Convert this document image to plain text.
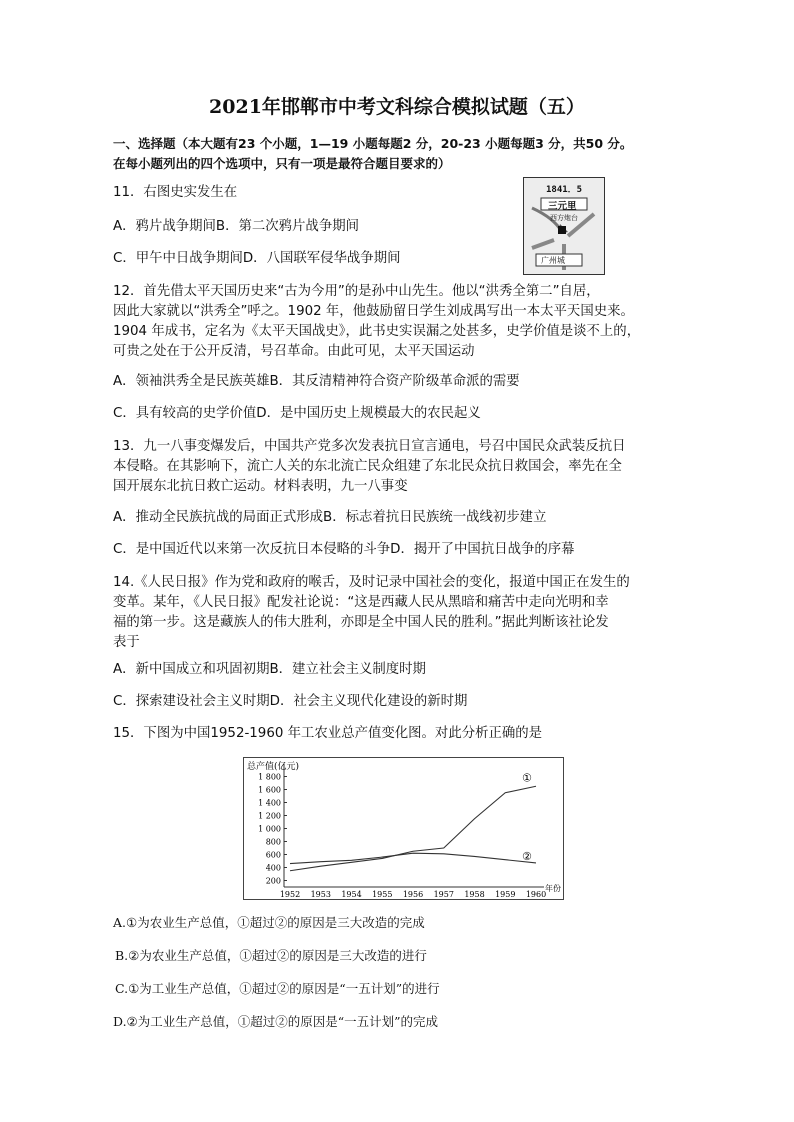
2021年邯郸市中考文科综合模拟试题（五）
一、选择题（本大题有23 个小题，1—19 小题每题2 分，20-23 小题每题3 分，共50 分。
在每小题列出的四个选项中，只有一项是最符合题目要求的）
11．右图史实发生在
A．鸦片战争期间B．第二次鸦片战争期间
C．甲午中日战争期间D．八国联军侵华战争期间
1841．5
三元里
西方炮台
广州城
12．首先借太平天国历史来“古为今用”的是孙中山先生。他以“洪秀全第二”自居，
因此大家就以“洪秀全”呼之。1902 年，他鼓励留日学生刘成禺写出一本太平天国史来。
1904 年成书，定名为《太平天国战史》，此书史实误漏之处甚多，史学价值是谈不上的，
可贵之处在于公开反清，号召革命。由此可见，太平天国运动
A．领袖洪秀全是民族英雄B．其反清精神符合资产阶级革命派的需要
C．具有较高的史学价值D．是中国历史上规模最大的农民起义
13．九一八事变爆发后，中国共产党多次发表抗日宣言通电，号召中国民众武装反抗日
本侵略。在其影响下，流亡人关的东北流亡民众组建了东北民众抗日救国会，率先在全
国开展东北抗日救亡运动。材料表明，九一八事变
A．推动全民族抗战的局面正式形成B．标志着抗日民族统一战线初步建立
C．是中国近代以来第一次反抗日本侵略的斗争D．揭开了中国抗日战争的序幕
14.《人民日报》作为党和政府的喉舌，及时记录中国社会的变化，报道中国正在发生的
变革。某年，《人民日报》配发社论说：“这是西藏人民从黑暗和痛苦中走向光明和幸
福的第一步。这是藏族人的伟大胜利，亦即是全中国人民的胜利。”据此判断该社论发
表于
A．新中国成立和巩固初期B．建立社会主义制度时期
C．探索建设社会主义时期D．社会主义现代化建设的新时期
15．下图为中国1952-1960 年工农业总产值变化图。对此分析正确的是
总产值(亿元)
200
400
600
800
1 000
1 200
1 400
1 600
1 800
1952 1953 1954 1955 1956 1957 1958 1959 1960
年份
①
②
A.①为农业生产总值，①超过②的原因是三大改造的完成
B.②为农业生产总值，①超过②的原因是三大改造的进行
C.①为工业生产总值，①超过②的原因是“一五计划”的进行
D.②为工业生产总值，①超过②的原因是“一五计划”的完成
